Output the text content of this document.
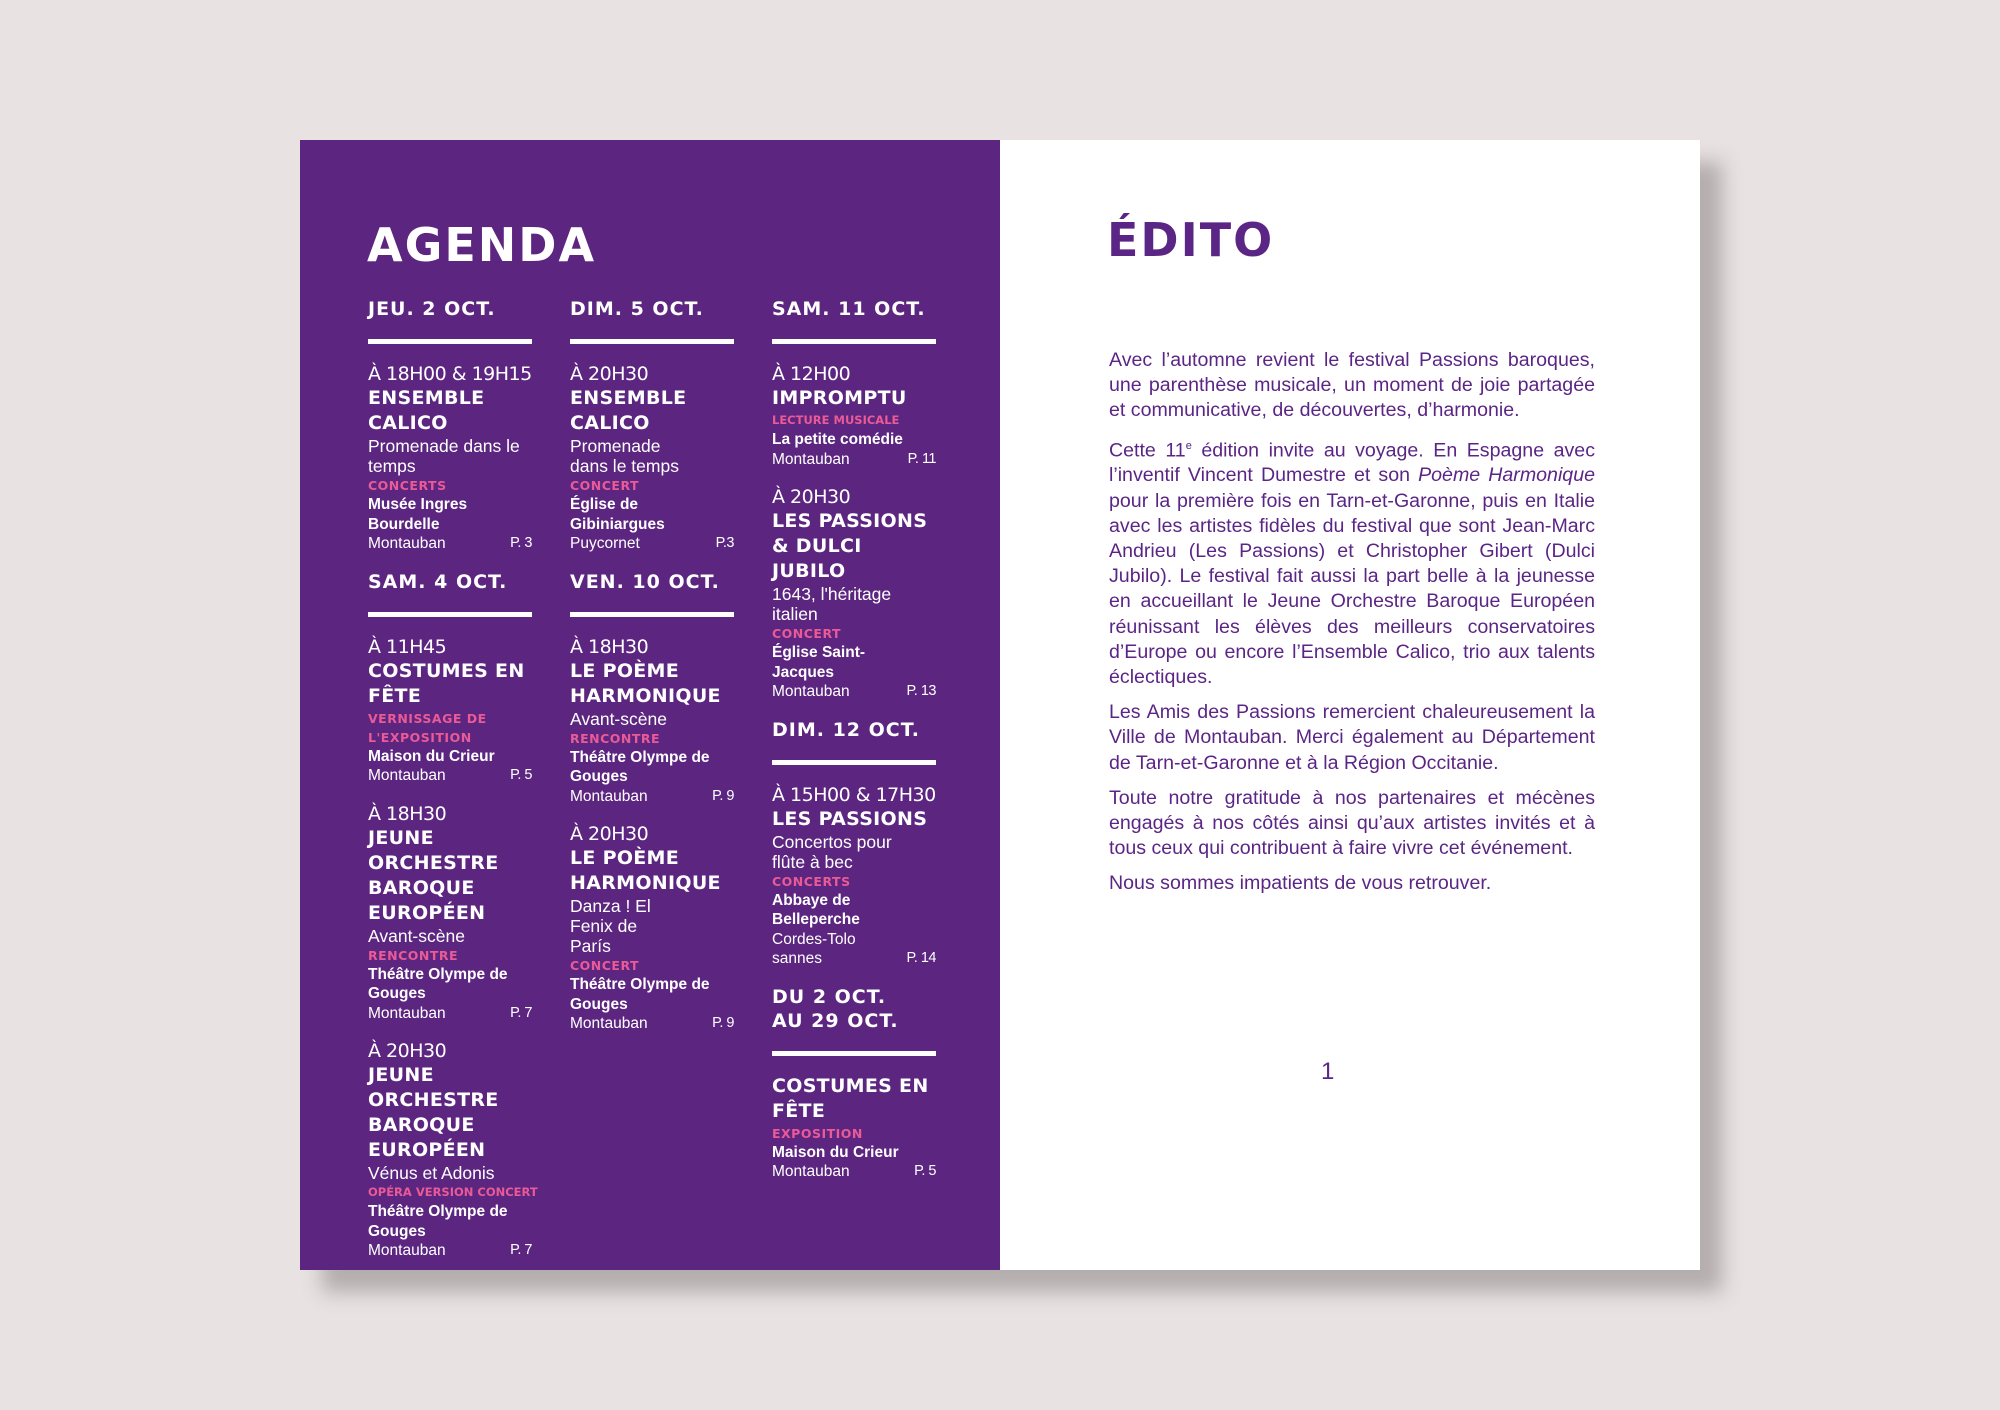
AGENDA
JEU. 2 OCT.
À 18H00 & 19H15
ENSEMBLE CALICO
Promenade dans le temps
CONCERTS
Musée Ingres Bourdelle
Montauban	P. 3
SAM. 4 OCT.
À 11H45
COSTUMES EN FÊTE
VERNISSAGE DE L'EXPOSITION
Maison du Crieur
Montauban	P. 5
À 18H30
JEUNE ORCHESTRE BAROQUE EUROPÉEN
Avant-scène
RENCONTRE
Théâtre Olympe de Gouges
Montauban	P. 7
À 20H30
JEUNE ORCHESTRE BAROQUE EUROPÉEN
Vénus et Adonis
OPÉRA VERSION CONCERT
Théâtre Olympe de Gouges
Montauban	P. 7
DIM. 5 OCT.
À 20H30
ENSEMBLE CALICO
Promenade dans le temps
CONCERT
Église de Gibiniargues
Puycornet	P.3
VEN. 10 OCT.
À 18H30
LE POÈME HARMONIQUE
Avant-scène
RENCONTRE
Théâtre Olympe de Gouges
Montauban	P. 9
À 20H30
LE POÈME HARMONIQUE
Danza ! El Fenix de París
CONCERT
Théâtre Olympe de Gouges
Montauban	P. 9
SAM. 11 OCT.
À 12H00
IMPROMPTU
LECTURE MUSICALE
La petite comédie
Montauban	P. 11
À 20H30
LES PASSIONS & DULCI JUBILO
1643, l'héritage italien
CONCERT
Église Saint-Jacques
Montauban	P. 13
DIM. 12 OCT.
À 15H00 & 17H30
LES PASSIONS
Concertos pour flûte à bec
CONCERTS
Abbaye de Belleperche
Cordes-Tolosannes	P. 14
DU 2 OCT. AU 29 OCT.
COSTUMES EN FÊTE
EXPOSITION
Maison du Crieur
Montauban	P. 5
ÉDITO

Avec l’automne revient le festival Passions baroques, une parenthèse musicale, un moment de joie partagée et communicative, de découvertes, d’harmonie.

Cette 11e édition invite au voyage. En Espagne avec l’inventif Vincent Dumestre et son Poème Harmonique pour la première fois en Tarn-et-Garonne, puis en Italie avec les artistes fidèles du festival que sont Jean-Marc Andrieu (Les Passions) et Christopher Gibert (Dulci Jubilo). Le festival fait aussi la part belle à la jeunesse en accueillant le Jeune Orchestre Baroque Européen réunissant les élèves des meilleurs conservatoires d’Europe ou encore l’Ensemble Calico, trio aux talents éclectiques.

Les Amis des Passions remercient chaleureusement la Ville de Montauban. Merci également au Département de Tarn-et-Garonne et à la Région Occitanie.

Toute notre gratitude à nos partenaires et mécènes engagés à nos côtés ainsi qu’aux artistes invités et à tous ceux qui contribuent à faire vivre cet événement.

Nous sommes impatients de vous retrouver.

1
